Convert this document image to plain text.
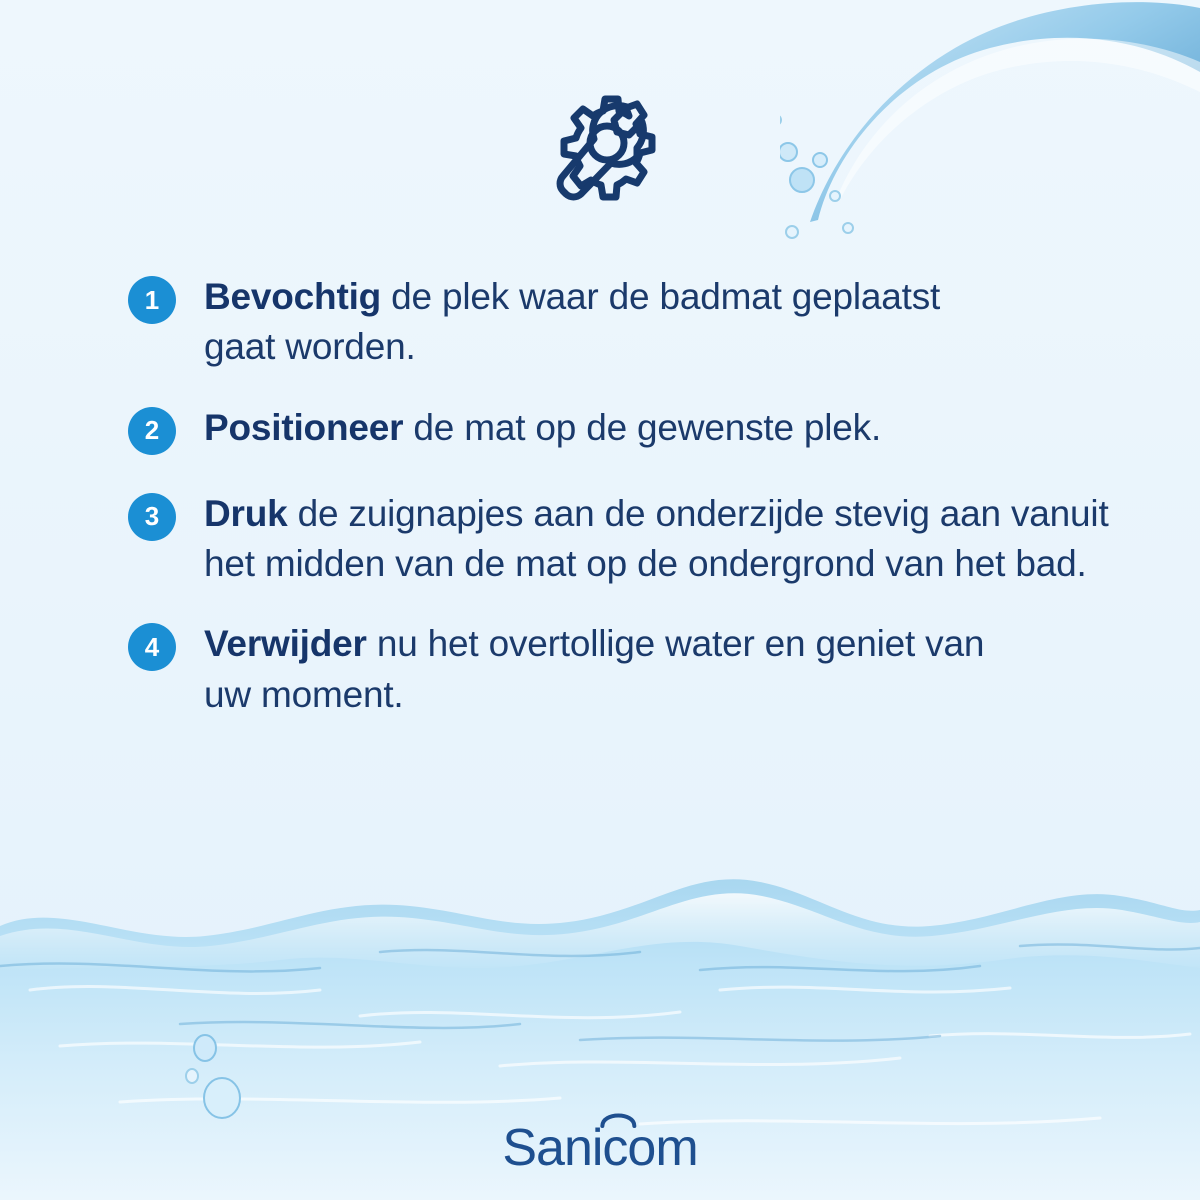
1	Bevochtig de plek waar de badmat geplaatst gaat worden.
2	Positioneer de mat op de gewenste plek.
3	Druk de zuignapjes aan de onderzijde stevig aan vanuit het midden van de mat op de ondergrond van het bad.
4	Verwijder nu het overtollige water en geniet van uw moment.
Sanicom
